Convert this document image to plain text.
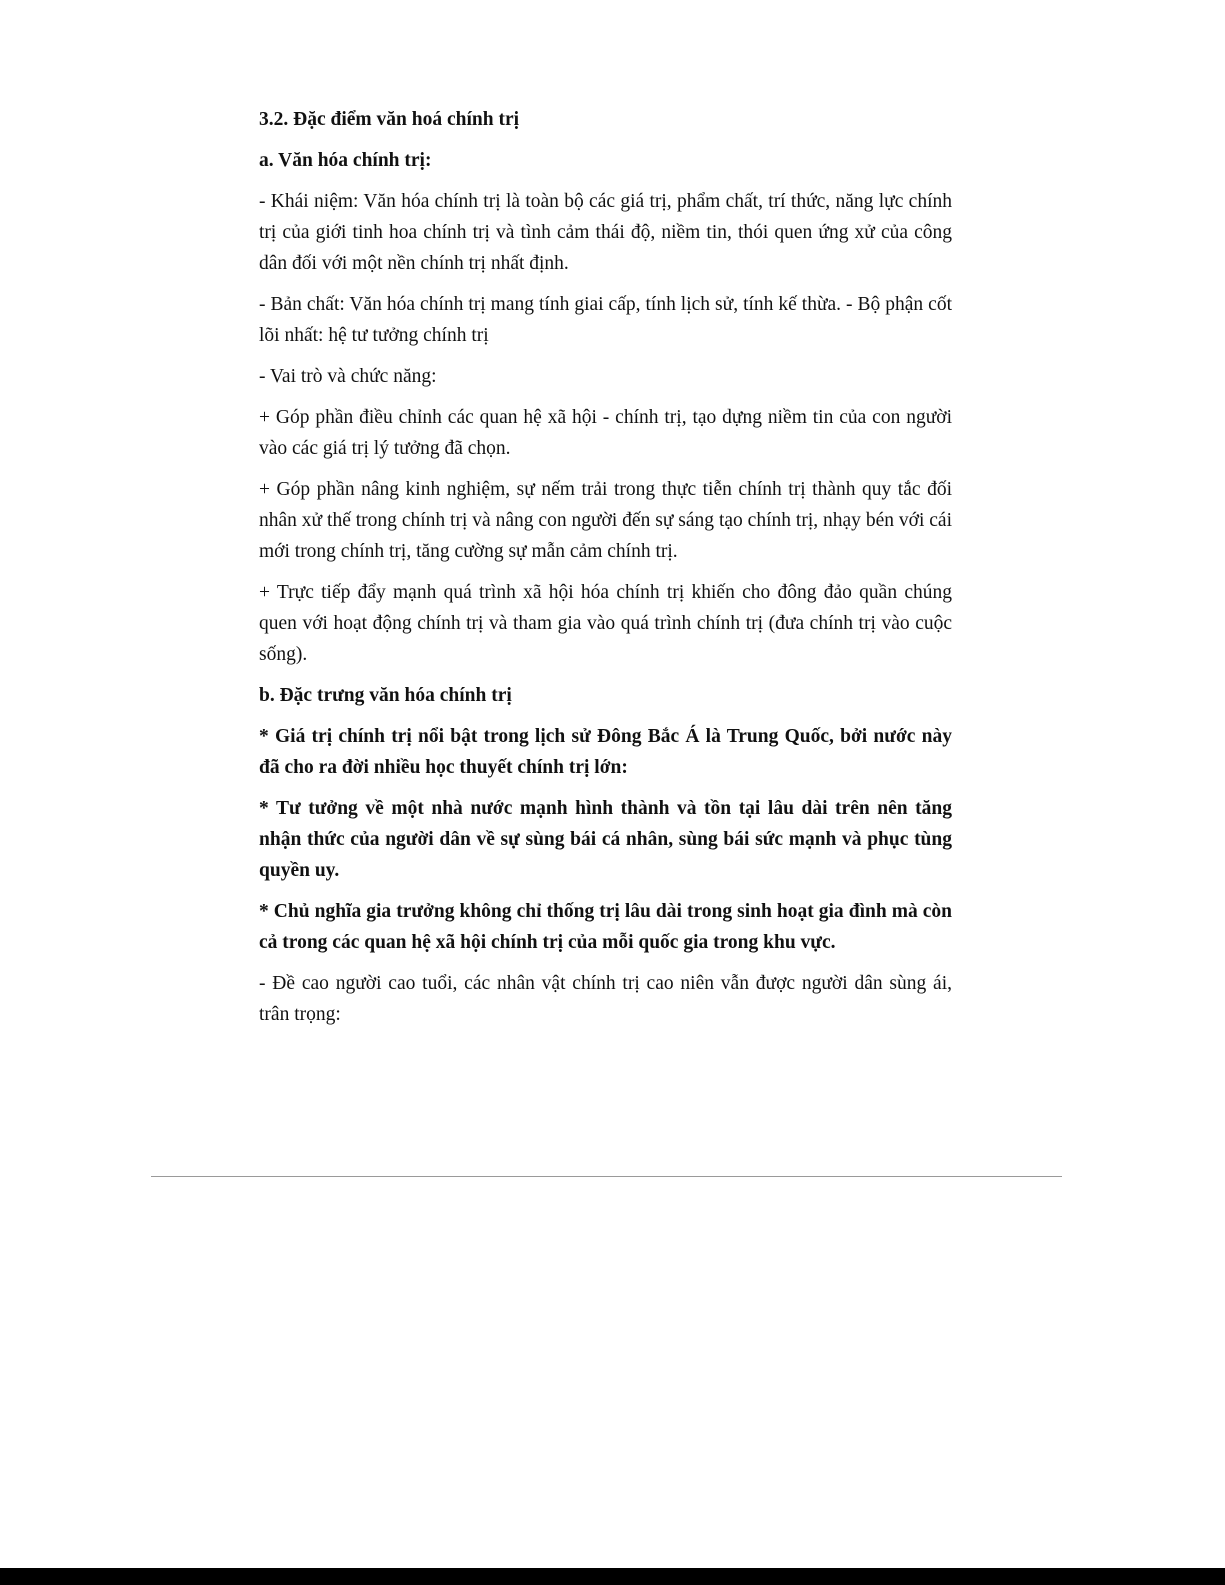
3.2. Đặc điểm văn hoá chính trị

a. Văn hóa chính trị:

- Khái niệm: Văn hóa chính trị là toàn bộ các giá trị, phẩm chất, trí thức, năng lực chính trị của giới tinh hoa chính trị và tình cảm thái độ, niềm tin, thói quen ứng xử của công dân đối với một nền chính trị nhất định.

- Bản chất: Văn hóa chính trị mang tính giai cấp, tính lịch sử, tính kế thừa. - Bộ phận cốt lõi nhất: hệ tư tưởng chính trị

- Vai trò và chức năng:

+ Góp phần điều chỉnh các quan hệ xã hội - chính trị, tạo dựng niềm tin của con người vào các giá trị lý tưởng đã chọn.

+ Góp phần nâng kinh nghiệm, sự nếm trải trong thực tiễn chính trị thành quy tắc đối nhân xử thế trong chính trị và nâng con người đến sự sáng tạo chính trị, nhạy bén với cái mới trong chính trị, tăng cường sự mẫn cảm chính trị.

+ Trực tiếp đẩy mạnh quá trình xã hội hóa chính trị khiến cho đông đảo quần chúng quen với hoạt động chính trị và tham gia vào quá trình chính trị (đưa chính trị vào cuộc sống).

b. Đặc trưng văn hóa chính trị

* Giá trị chính trị nổi bật trong lịch sử Đông Bắc Á là Trung Quốc, bởi nước này đã cho ra đời nhiều học thuyết chính trị lớn:

* Tư tưởng về một nhà nước mạnh hình thành và tồn tại lâu dài trên nên tăng nhận thức của người dân về sự sùng bái cá nhân, sùng bái sức mạnh và phục tùng quyền uy.

* Chủ nghĩa gia trưởng không chỉ thống trị lâu dài trong sinh hoạt gia đình mà còn cả trong các quan hệ xã hội chính trị của mỗi quốc gia trong khu vực.

- Đề cao người cao tuổi, các nhân vật chính trị cao niên vẫn được người dân sùng ái, trân trọng:
